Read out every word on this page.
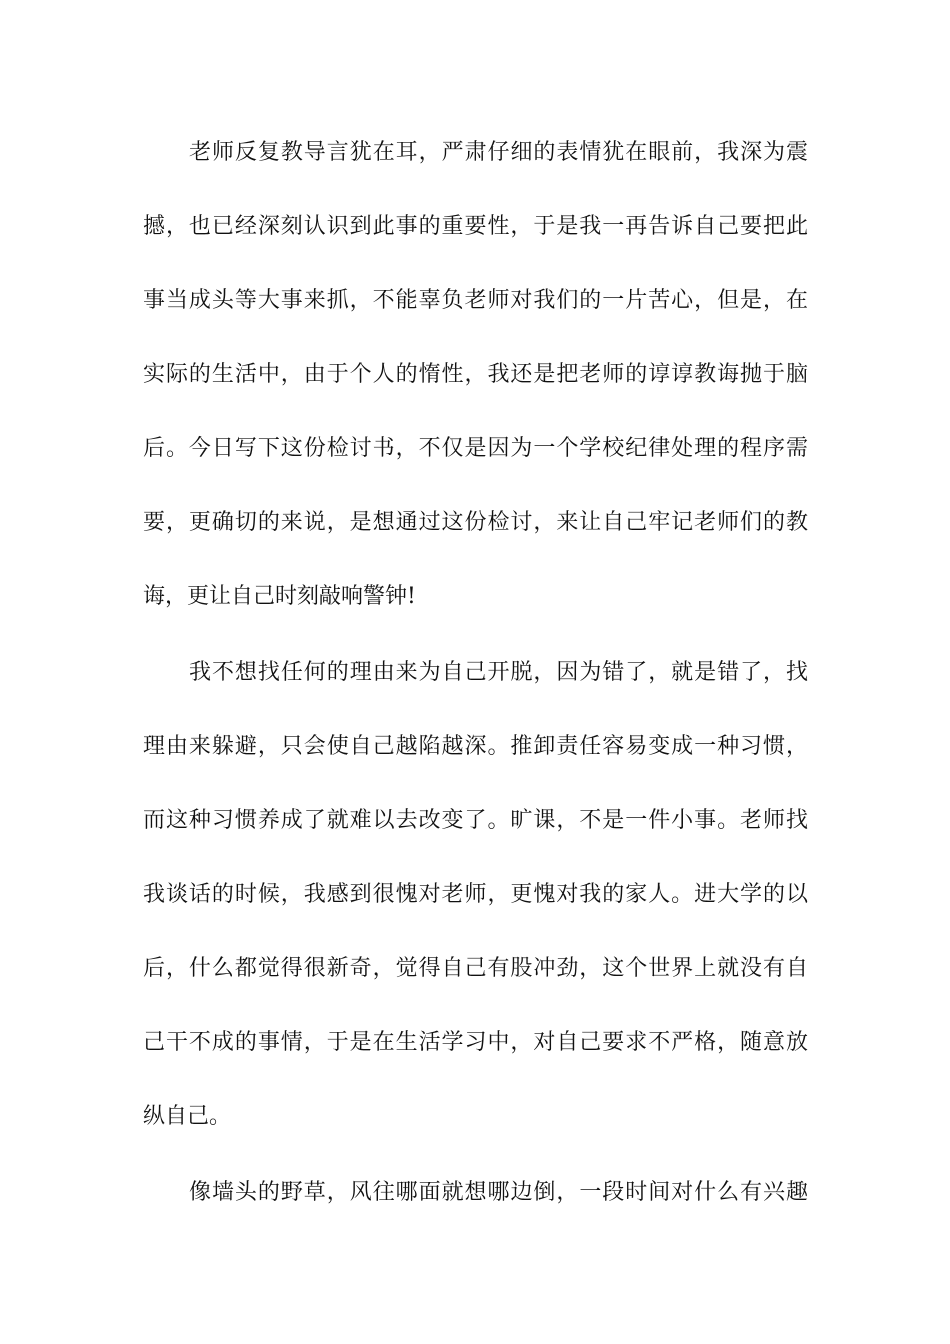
老师反复教导言犹在耳，严肃仔细的表情犹在眼前，我深为震
撼，也已经深刻认识到此事的重要性，于是我一再告诉自己要把此
事当成头等大事来抓，不能辜负老师对我们的一片苦心，但是，在
实际的生活中，由于个人的惰性，我还是把老师的谆谆教诲抛于脑
后。今日写下这份检讨书，不仅是因为一个学校纪律处理的程序需
要，更确切的来说，是想通过这份检讨，来让自己牢记老师们的教
诲，更让自己时刻敲响警钟!
我不想找任何的理由来为自己开脱，因为错了，就是错了，找
理由来躲避，只会使自己越陷越深。推卸责任容易变成一种习惯，
而这种习惯养成了就难以去改变了。旷课，不是一件小事。老师找
我谈话的时候，我感到很愧对老师，更愧对我的家人。进大学的以
后，什么都觉得很新奇，觉得自己有股冲劲，这个世界上就没有自
己干不成的事情，于是在生活学习中，对自己要求不严格，随意放
纵自己。
像墙头的野草，风往哪面就想哪边倒，一段时间对什么有兴趣
